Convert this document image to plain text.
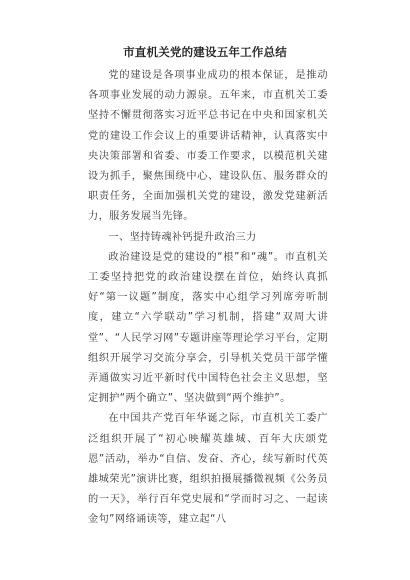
市直机关党的建设五年工作总结

党的建设是各项事业成功的根本保证，是推动各项事业发展的动力源泉。五年来，市直机关工委坚持不懈贯彻落实习近平总书记在中央和国家机关党的建设工作会议上的重要讲话精神，认真落实中央决策部署和省委、市委工作要求，以模范机关建设为抓手，聚焦围绕中心、建设队伍、服务群众的职责任务，全面加强机关党的建设，激发党建新活力，服务发展当先锋。

一、坚持铸魂补钙提升政治三力

政治建设是党的建设的“根”和“魂”。市直机关工委坚持把党的政治建设摆在首位，始终认真抓好“第一议题”制度，落实中心组学习列席旁听制度，建立“六学联动”学习机制，搭建“双周大讲堂”、“人民学习网”专题讲座等理论学习平台，定期组织开展学习交流分享会，引导机关党员干部学懂弄通做实习近平新时代中国特色社会主义思想，坚定拥护“两个确立”、坚决做到“两个维护”。

在中国共产党百年华诞之际，市直机关工委广泛组织开展了“初心映耀英雄城、百年大庆颂党恩”活动，举办“自信、发奋、齐心，续写新时代英雄城荣光”演讲比赛，组织拍摄展播微视频《公务员的一天》，举行百年党史展和“学而时习之、一起读金句”网络诵读等，建立起“八
